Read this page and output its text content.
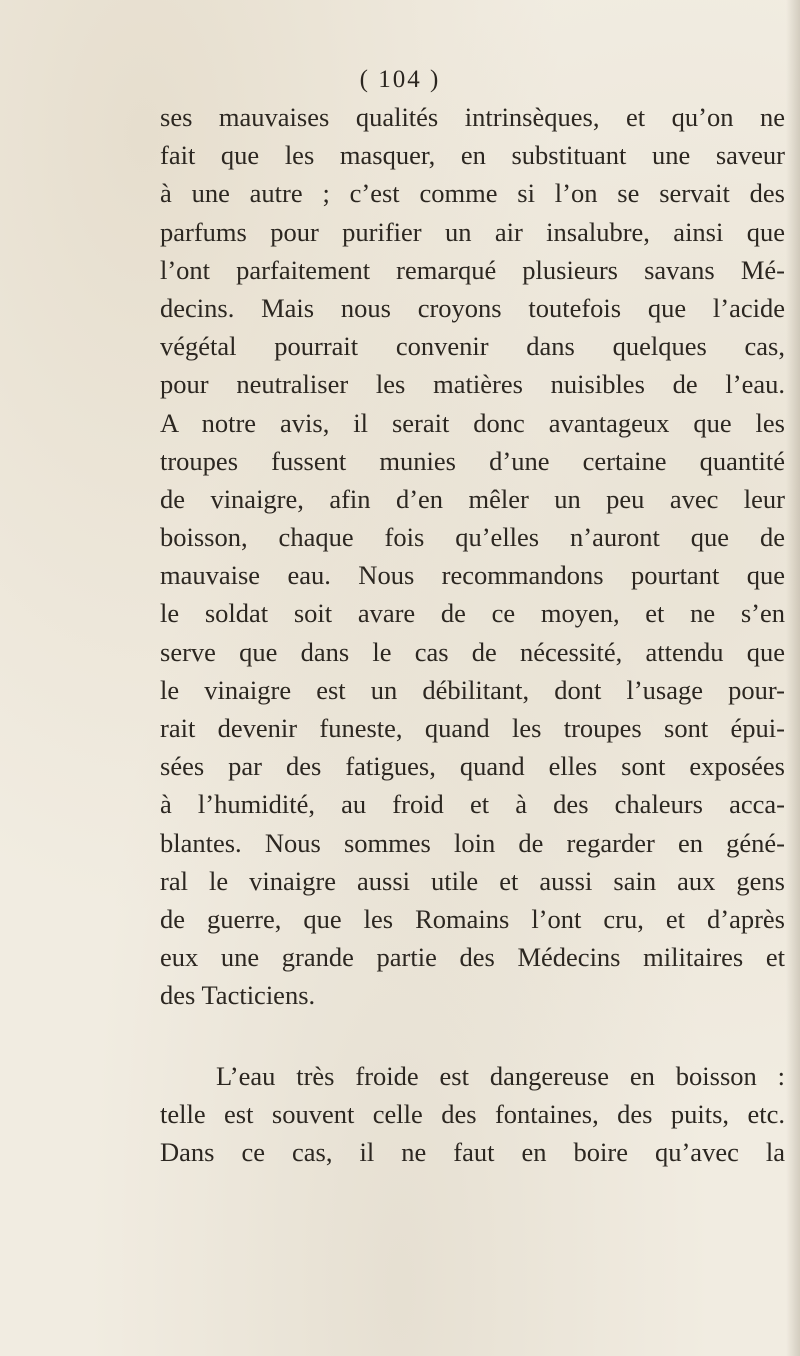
( 104 )
ses mauvaises qualités intrinsèques, et qu’on ne
fait que les masquer, en substituant une saveur
à une autre ; c’est comme si l’on se servait des
parfums pour purifier un air insalubre, ainsi que
l’ont parfaitement remarqué plusieurs savans Mé-
decins. Mais nous croyons toutefois que l’acide
végétal pourrait convenir dans quelques cas,
pour neutraliser les matières nuisibles de l’eau.
A notre avis, il serait donc avantageux que les
troupes fussent munies d’une certaine quantité
de vinaigre, afin d’en mêler un peu avec leur
boisson, chaque fois qu’elles n’auront que de
mauvaise eau. Nous recommandons pourtant que
le soldat soit avare de ce moyen, et ne s’en
serve que dans le cas de nécessité, attendu que
le vinaigre est un débilitant, dont l’usage pour-
rait devenir funeste, quand les troupes sont épui-
sées par des fatigues, quand elles sont exposées
à l’humidité, au froid et à des chaleurs acca-
blantes. Nous sommes loin de regarder en géné-
ral le vinaigre aussi utile et aussi sain aux gens
de guerre, que les Romains l’ont cru, et d’après
eux une grande partie des Médecins militaires et
des Tacticiens.
L’eau très froide est dangereuse en boisson :
telle est souvent celle des fontaines, des puits, etc.
Dans ce cas, il ne faut en boire qu’avec la
